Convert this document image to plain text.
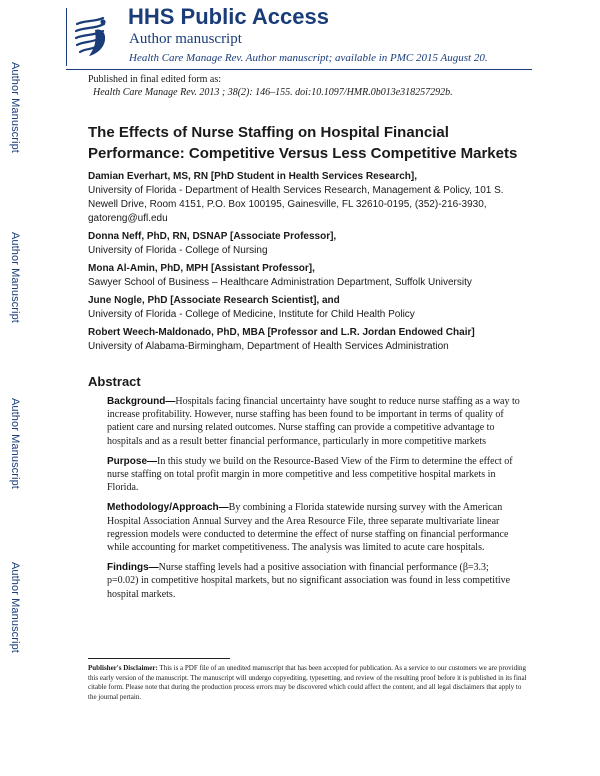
Author Manuscript
Author Manuscript
Author Manuscript
Author Manuscript
HHS Public Access
Author manuscript
Health Care Manage Rev. Author manuscript; available in PMC 2015 August 20.
Published in final edited form as:
Health Care Manage Rev. 2013 ; 38(2): 146–155. doi:10.1097/HMR.0b013e318257292b.
The Effects of Nurse Staffing on Hospital Financial Performance: Competitive Versus Less Competitive Markets
Damian Everhart, MS, RN [PhD Student in Health Services Research],
University of Florida - Department of Health Services Research, Management & Policy, 101 S. Newell Drive, Room 4151, P.O. Box 100195, Gainesville, FL 32610-0195, (352)-216-3930, gatoreng@ufl.edu
Donna Neff, PhD, RN, DSNAP [Associate Professor],
University of Florida - College of Nursing
Mona Al-Amin, PhD, MPH [Assistant Professor],
Sawyer School of Business – Healthcare Administration Department, Suffolk University
June Nogle, PhD [Associate Research Scientist], and
University of Florida - College of Medicine, Institute for Child Health Policy
Robert Weech-Maldonado, PhD, MBA [Professor and L.R. Jordan Endowed Chair]
University of Alabama-Birmingham, Department of Health Services Administration
Abstract

Background—Hospitals facing financial uncertainty have sought to reduce nurse staffing as a way to increase profitability. However, nurse staffing has been found to be important in terms of quality of patient care and nursing related outcomes. Nurse staffing can provide a competitive advantage to hospitals and as a result better financial performance, particularly in more competitive markets

Purpose—In this study we build on the Resource-Based View of the Firm to determine the effect of nurse staffing on total profit margin in more competitive and less competitive hospital markets in Florida.

Methodology/Approach—By combining a Florida statewide nursing survey with the American Hospital Association Annual Survey and the Area Resource File, three separate multivariate linear regression models were conducted to determine the effect of nurse staffing on financial performance while accounting for market competitiveness. The analysis was limited to acute care hospitals.

Findings—Nurse staffing levels had a positive association with financial performance (β=3.3; p=0.02) in competitive hospital markets, but no significant association was found in less competitive hospital markets.

Publisher's Disclaimer: This is a PDF file of an unedited manuscript that has been accepted for publication. As a service to our customers we are providing this early version of the manuscript. The manuscript will undergo copyediting, typesetting, and review of the resulting proof before it is published in its final citable form. Please note that during the production process errors may be discovered which could affect the content, and all legal disclaimers that apply to the journal pertain.
